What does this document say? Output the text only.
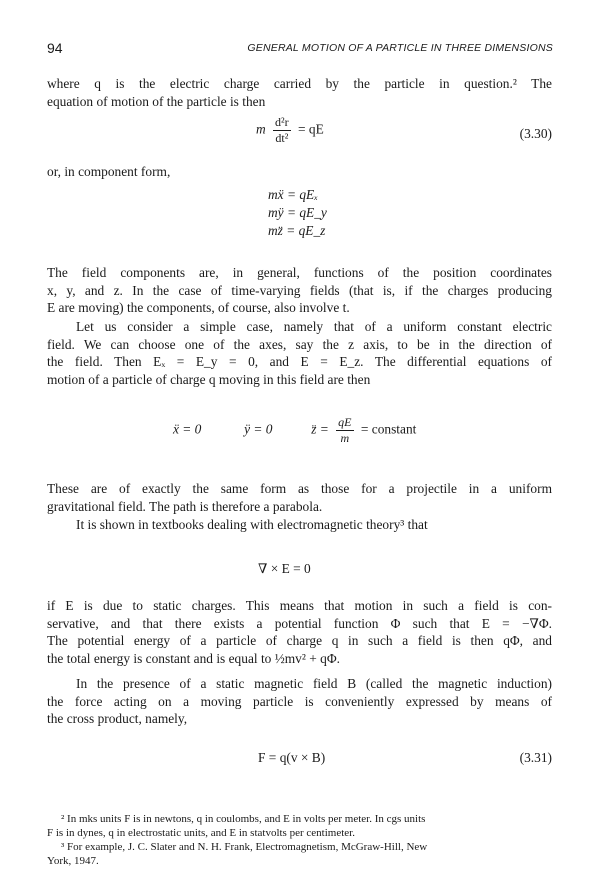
94	GENERAL MOTION OF A PARTICLE IN THREE DIMENSIONS
where q is the electric charge carried by the particle in question.² The
equation of motion of the particle is then
m $\frac{\text{d²r}}{\text{dt²}}$ = qE	(3.30)
or, in component form,
mẍ = qEₓ
mÿ = qE_y
mz̈ = qE_z
The field components are, in general, functions of the position coordinates
x, y, and z. In the case of time-varying fields (that is, if the charges producing
E are moving) the components, of course, also involve t.
Let us consider a simple case, namely that of a uniform constant electric
field. We can choose one of the axes, say the z axis, to be in the direction of
the field. Then Eₓ = E_y = 0, and E = E_z. The differential equations of
motion of a particle of charge q moving in this field are then
ẍ = 0	ÿ = 0	z̈ = $\frac{qE}{m}$ = constant
These are of exactly the same form as those for a projectile in a uniform
gravitational field. The path is therefore a parabola.
It is shown in textbooks dealing with electromagnetic theory³ that
∇ × E = 0
if E is due to static charges. This means that motion in such a field is con-
servative, and that there exists a potential function Φ such that E = −∇Φ.
The potential energy of a particle of charge q in such a field is then qΦ, and
the total energy is constant and is equal to ½mv² + qΦ.
In the presence of a static magnetic field B (called the magnetic induction)
the force acting on a moving particle is conveniently expressed by means of
the cross product, namely,
F = q(v × B)	(3.31)
² In mks units F is in newtons, q in coulombs, and E in volts per meter. In cgs units
F is in dynes, q in electrostatic units, and E in statvolts per centimeter.
³ For example, J. C. Slater and N. H. Frank, Electromagnetism, McGraw-Hill, New
York, 1947.
